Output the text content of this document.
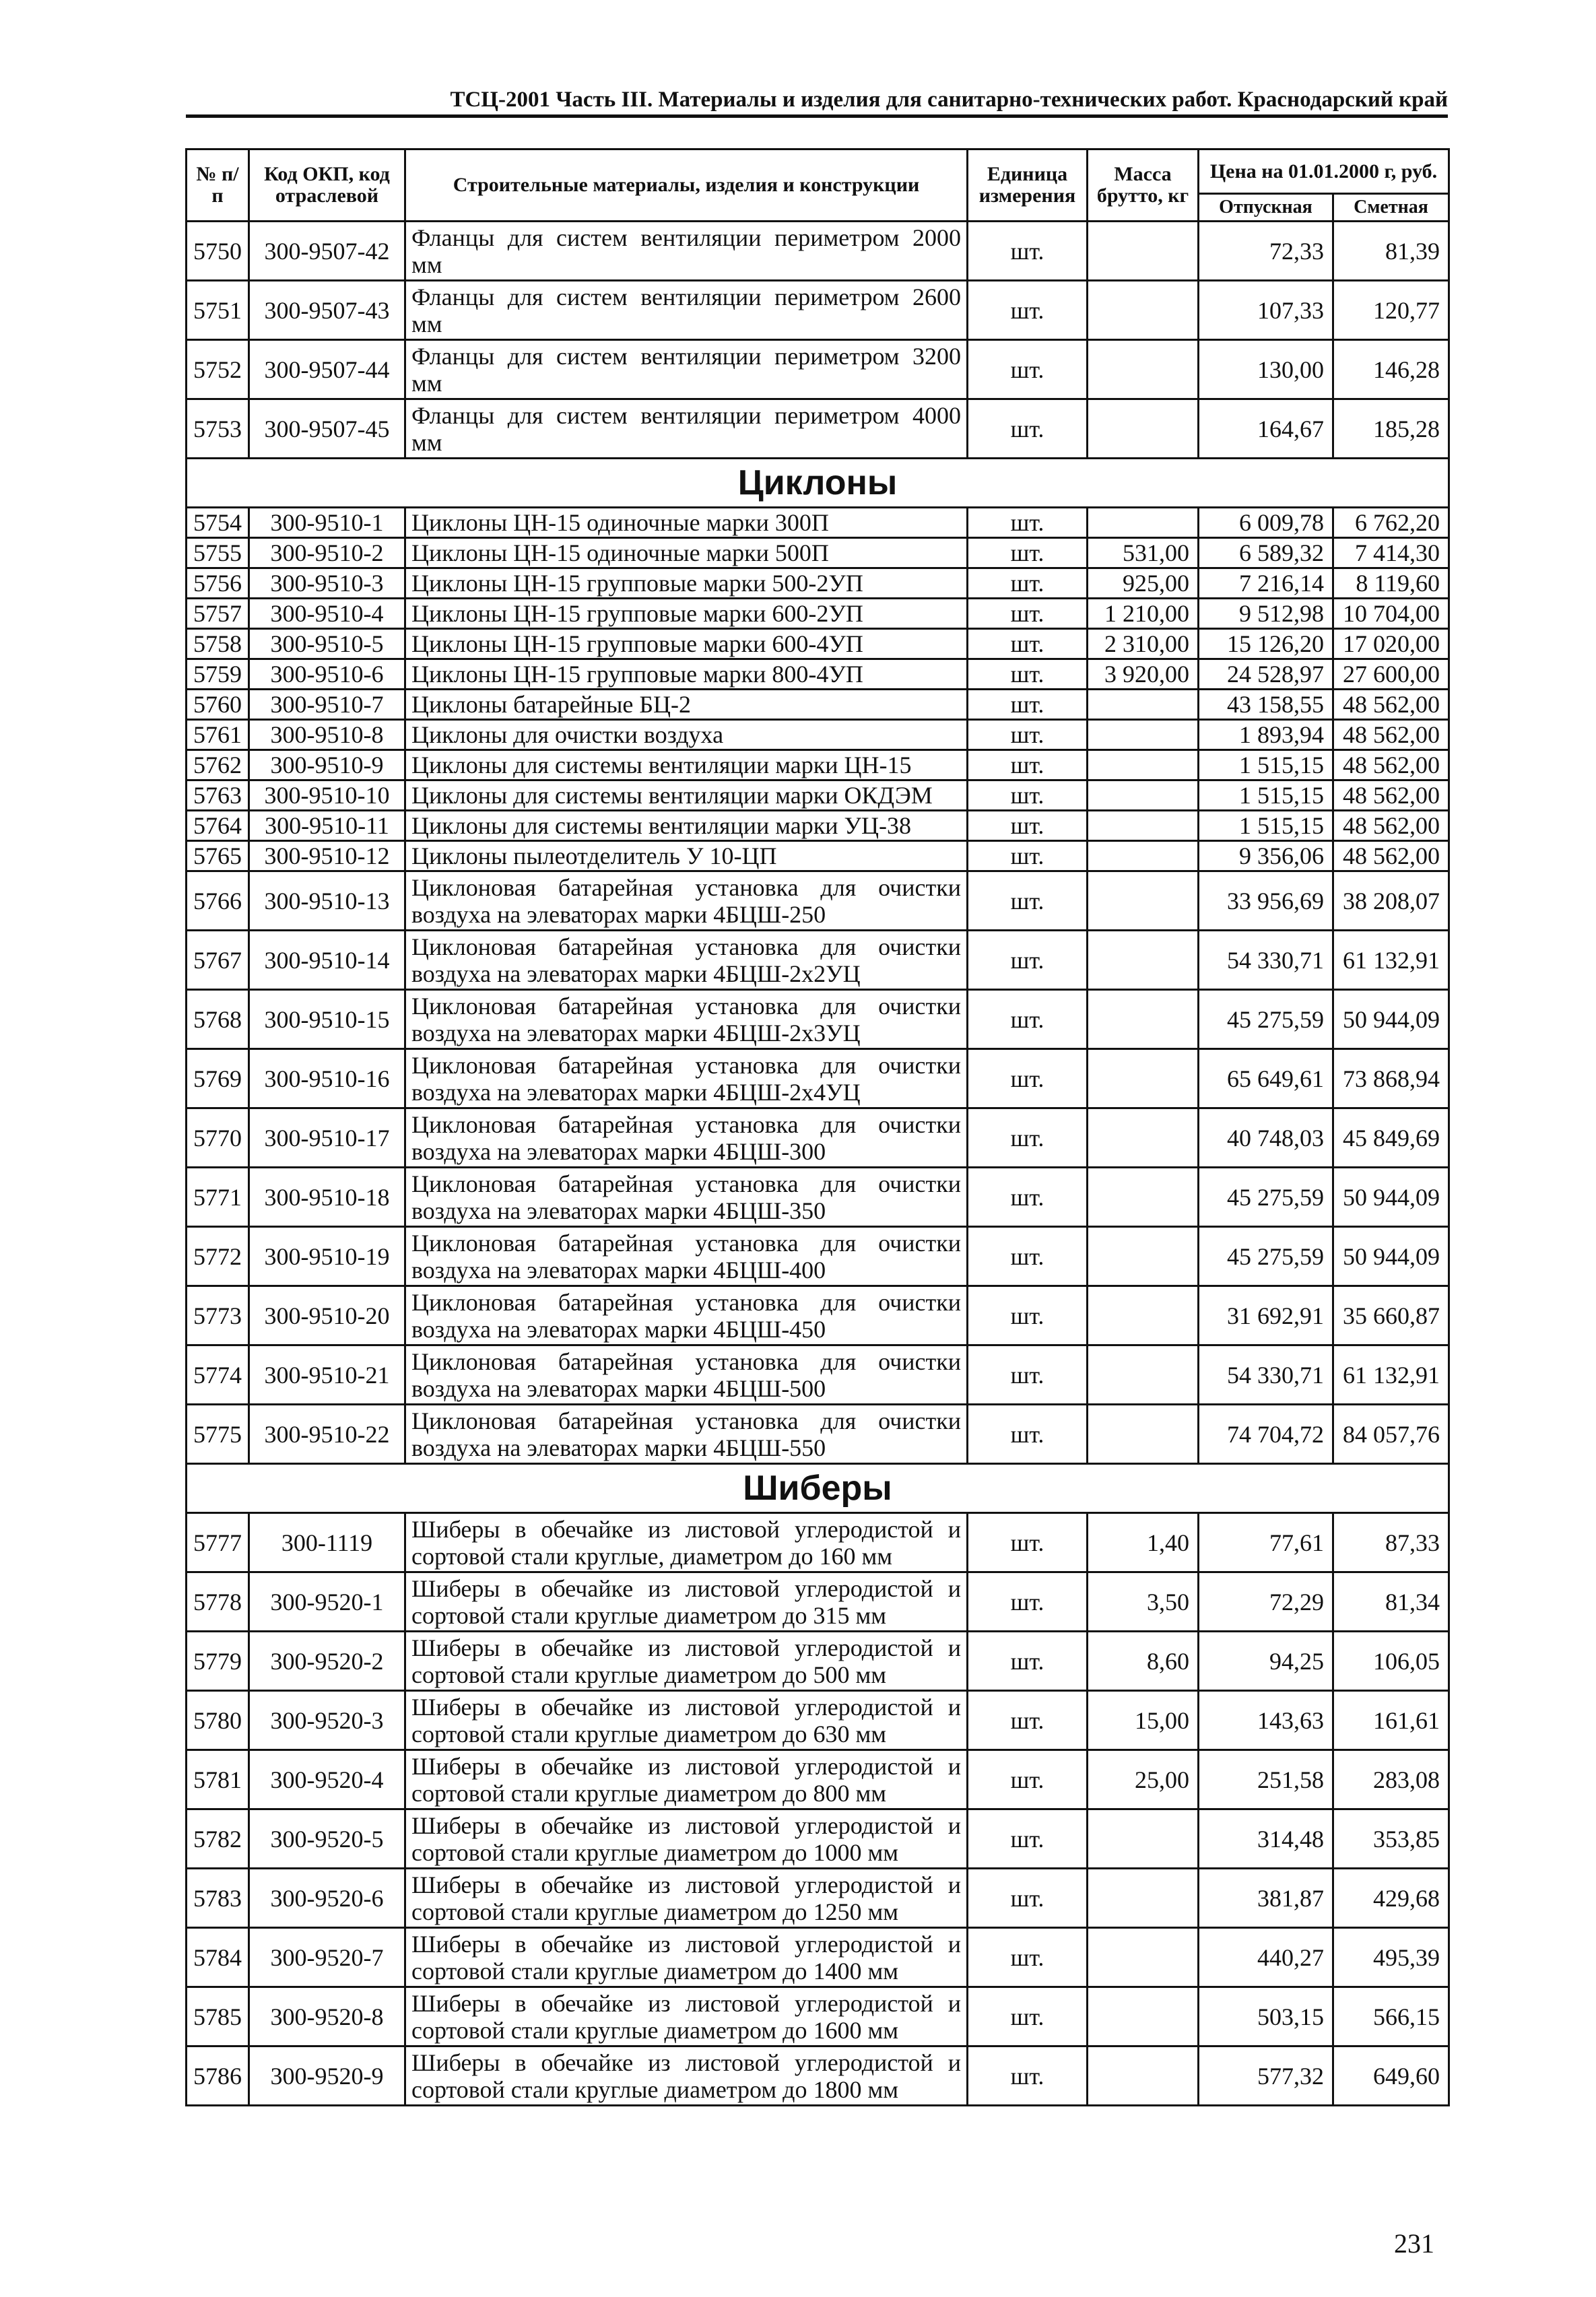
ТСЦ-2001 Часть III. Материалы и изделия для санитарно-технических работ. Краснодарский край
№ п/п	Код ОКП, код отраслевой	Строительные материалы, изделия и конструкции	Единица измерения	Масса брутто, кг	Цена на 01.01.2000 г, руб.	
					Отпускная	Сметная
5750	300-9507-42	Фланцы для систем вентиляции периметром 2000 мм	шт.		72,33	81,39
5751	300-9507-43	Фланцы для систем вентиляции периметром 2600 мм	шт.		107,33	120,77
5752	300-9507-44	Фланцы для систем вентиляции периметром 3200 мм	шт.		130,00	146,28
5753	300-9507-45	Фланцы для систем вентиляции периметром 4000 мм	шт.		164,67	185,28
Циклоны						
5754	300-9510-1	Циклоны ЦН-15 одиночные марки 300П	шт.		6 009,78	6 762,20
5755	300-9510-2	Циклоны ЦН-15 одиночные марки 500П	шт.	531,00	6 589,32	7 414,30
5756	300-9510-3	Циклоны ЦН-15 групповые марки 500-2УП	шт.	925,00	7 216,14	8 119,60
5757	300-9510-4	Циклоны ЦН-15 групповые марки 600-2УП	шт.	1 210,00	9 512,98	10 704,00
5758	300-9510-5	Циклоны ЦН-15 групповые марки 600-4УП	шт.	2 310,00	15 126,20	17 020,00
5759	300-9510-6	Циклоны ЦН-15 групповые марки 800-4УП	шт.	3 920,00	24 528,97	27 600,00
5760	300-9510-7	Циклоны батарейные БЦ-2	шт.		43 158,55	48 562,00
5761	300-9510-8	Циклоны для очистки воздуха	шт.		1 893,94	48 562,00
5762	300-9510-9	Циклоны для системы вентиляции марки ЦН-15	шт.		1 515,15	48 562,00
5763	300-9510-10	Циклоны для системы вентиляции марки ОКДЭМ	шт.		1 515,15	48 562,00
5764	300-9510-11	Циклоны для системы вентиляции марки УЦ-38	шт.		1 515,15	48 562,00
5765	300-9510-12	Циклоны пылеотделитель У 10-ЦП	шт.		9 356,06	48 562,00
5766	300-9510-13	Циклоновая батарейная установка для очистки воздуха на элеваторах марки 4БЦШ-250	шт.		33 956,69	38 208,07
5767	300-9510-14	Циклоновая батарейная установка для очистки воздуха на элеваторах марки 4БЦШ-2х2УЦ	шт.		54 330,71	61 132,91
5768	300-9510-15	Циклоновая батарейная установка для очистки воздуха на элеваторах марки 4БЦШ-2х3УЦ	шт.		45 275,59	50 944,09
5769	300-9510-16	Циклоновая батарейная установка для очистки воздуха на элеваторах марки 4БЦШ-2х4УЦ	шт.		65 649,61	73 868,94
5770	300-9510-17	Циклоновая батарейная установка для очистки воздуха на элеваторах марки 4БЦШ-300	шт.		40 748,03	45 849,69
5771	300-9510-18	Циклоновая батарейная установка для очистки воздуха на элеваторах марки 4БЦШ-350	шт.		45 275,59	50 944,09
5772	300-9510-19	Циклоновая батарейная установка для очистки воздуха на элеваторах марки 4БЦШ-400	шт.		45 275,59	50 944,09
5773	300-9510-20	Циклоновая батарейная установка для очистки воздуха на элеваторах марки 4БЦШ-450	шт.		31 692,91	35 660,87
5774	300-9510-21	Циклоновая батарейная установка для очистки воздуха на элеваторах марки 4БЦШ-500	шт.		54 330,71	61 132,91
5775	300-9510-22	Циклоновая батарейная установка для очистки воздуха на элеваторах марки 4БЦШ-550	шт.		74 704,72	84 057,76
Шиберы						
5777	300-1119	Шиберы в обечайке из листовой углеродистой и сортовой стали круглые, диаметром до 160 мм	шт.	1,40	77,61	87,33
5778	300-9520-1	Шиберы в обечайке из листовой углеродистой и сортовой стали круглые диаметром до 315 мм	шт.	3,50	72,29	81,34
5779	300-9520-2	Шиберы в обечайке из листовой углеродистой и сортовой стали круглые диаметром до 500 мм	шт.	8,60	94,25	106,05
5780	300-9520-3	Шиберы в обечайке из листовой углеродистой и сортовой стали круглые диаметром до 630 мм	шт.	15,00	143,63	161,61
5781	300-9520-4	Шиберы в обечайке из листовой углеродистой и сортовой стали круглые диаметром до 800 мм	шт.	25,00	251,58	283,08
5782	300-9520-5	Шиберы в обечайке из листовой углеродистой и сортовой стали круглые диаметром до 1000 мм	шт.		314,48	353,85
5783	300-9520-6	Шиберы в обечайке из листовой углеродистой и сортовой стали круглые диаметром до 1250 мм	шт.		381,87	429,68
5784	300-9520-7	Шиберы в обечайке из листовой углеродистой и сортовой стали круглые диаметром до 1400 мм	шт.		440,27	495,39
5785	300-9520-8	Шиберы в обечайке из листовой углеродистой и сортовой стали круглые диаметром до 1600 мм	шт.		503,15	566,15
5786	300-9520-9	Шиберы в обечайке из листовой углеродистой и сортовой стали круглые диаметром до 1800 мм	шт.		577,32	649,60
231
